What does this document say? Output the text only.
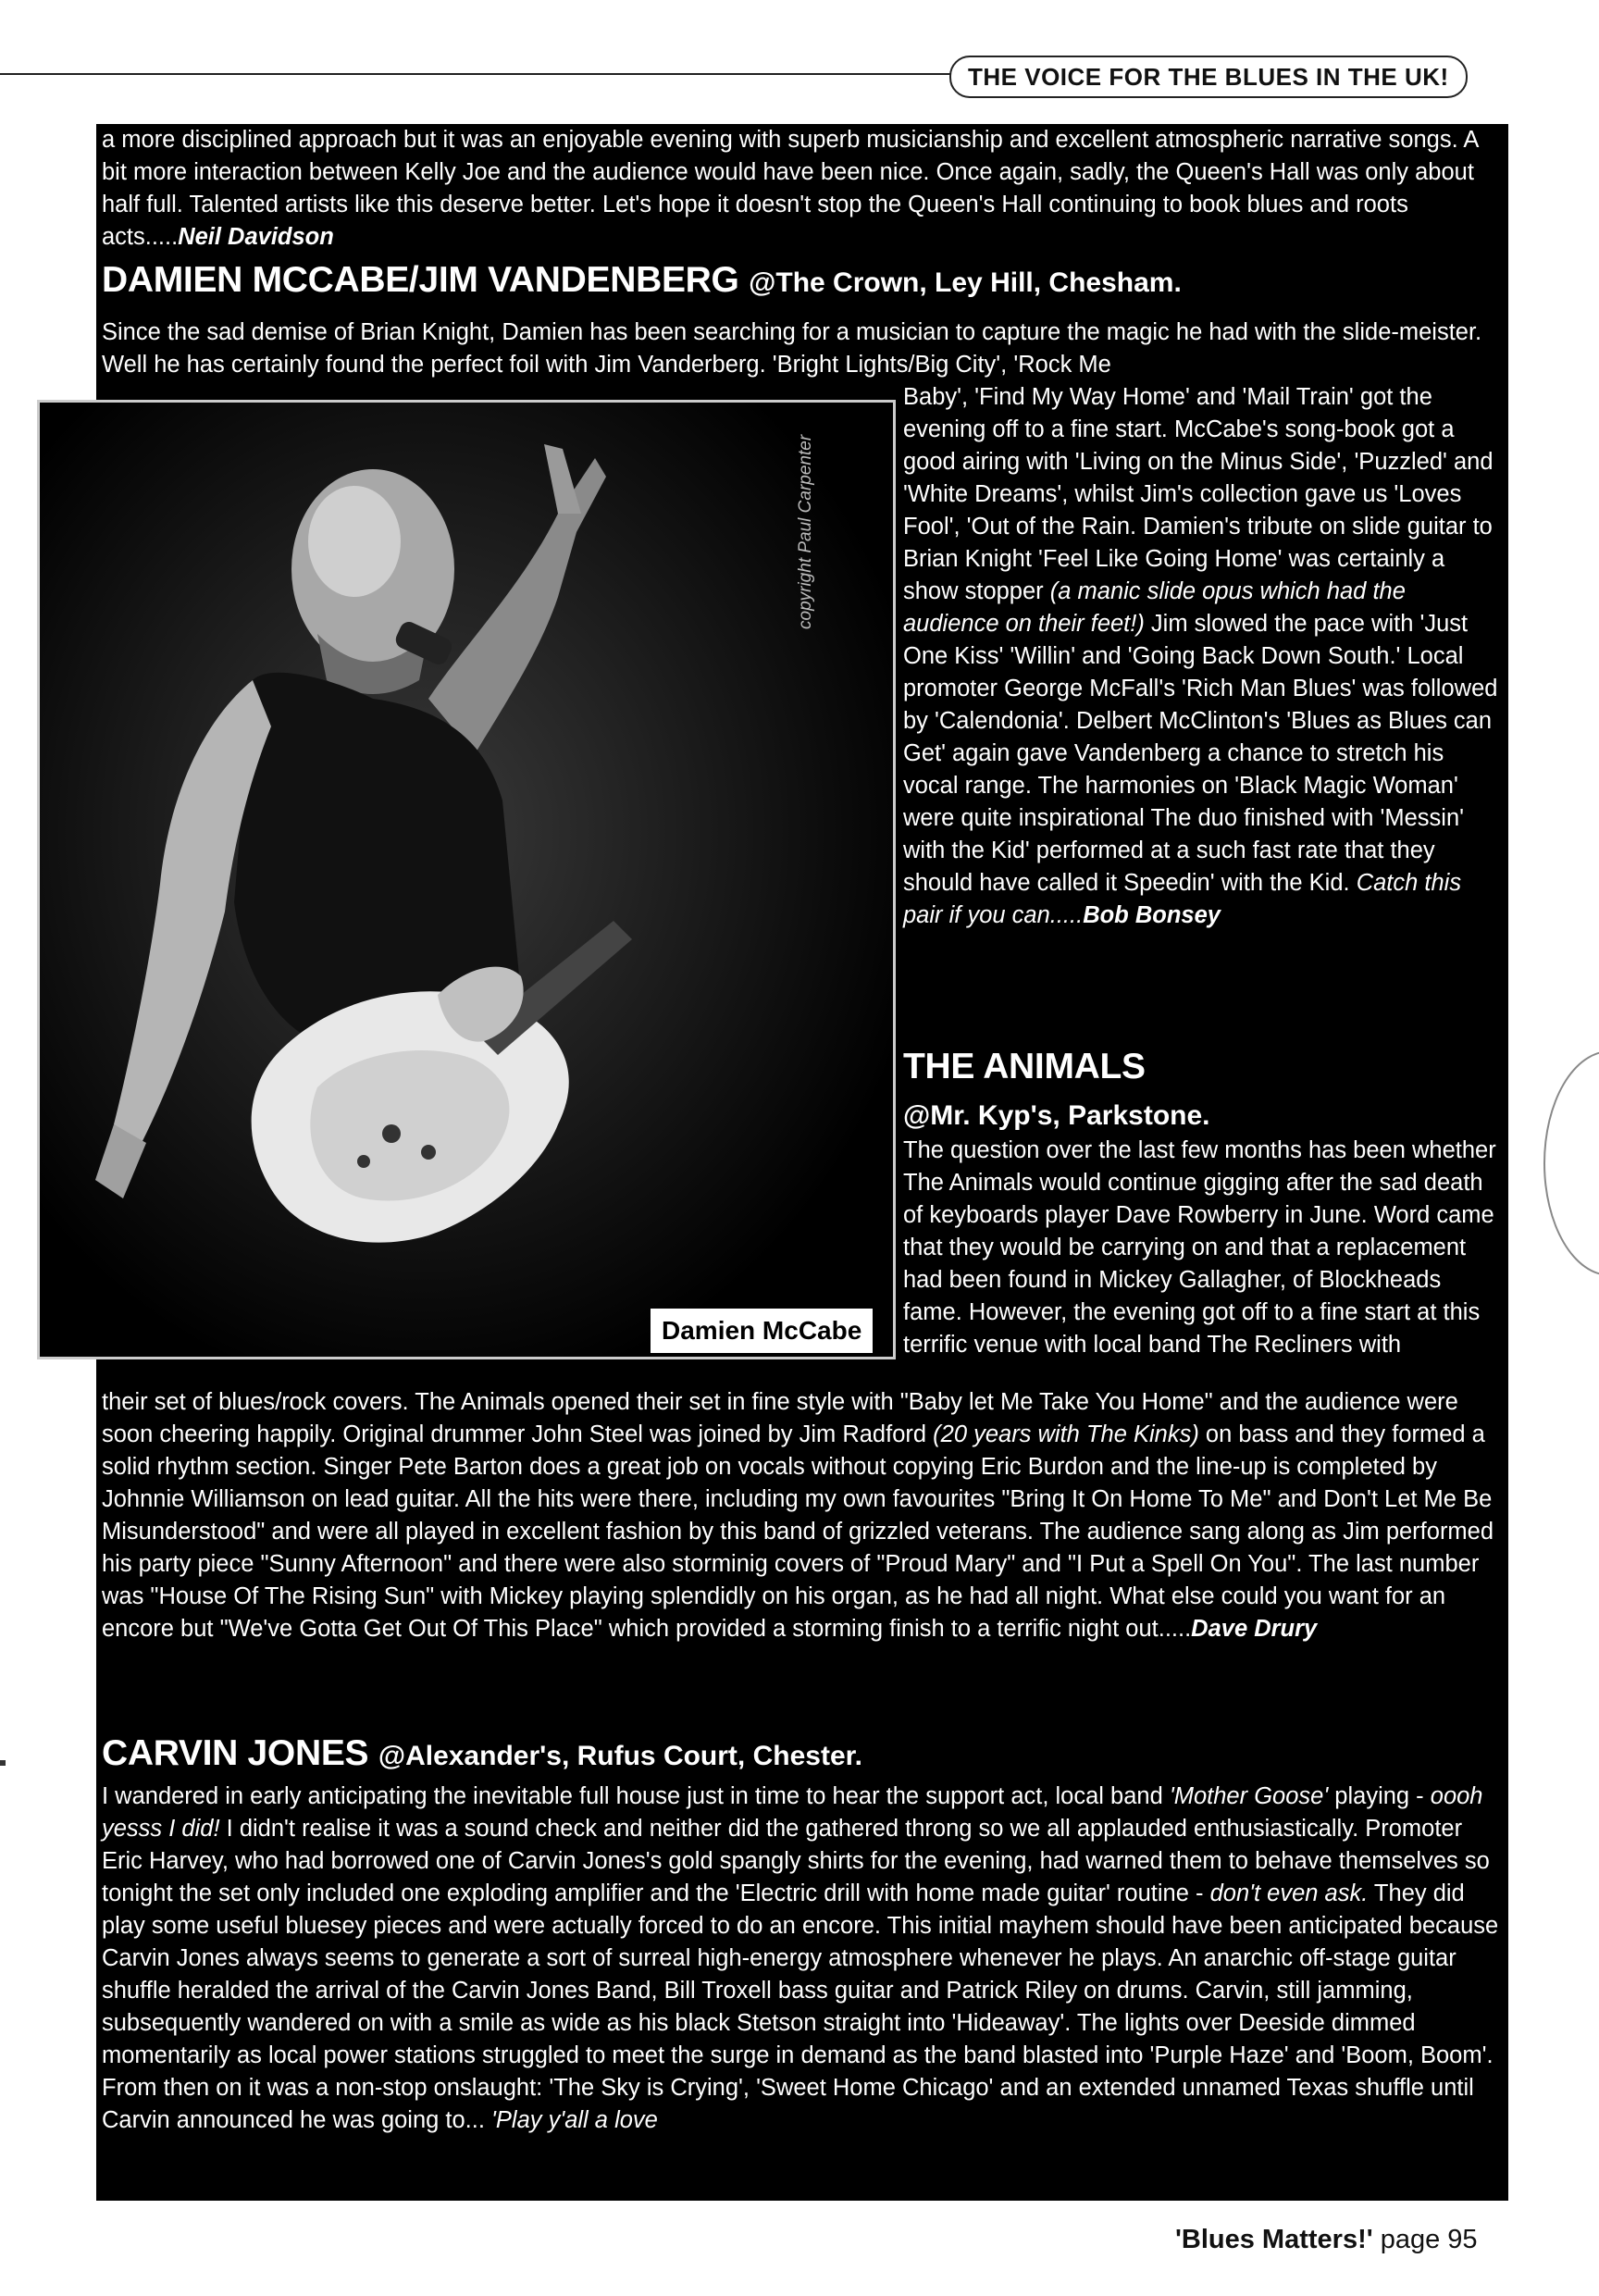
THE VOICE FOR THE BLUES IN THE UK!
a more disciplined approach but it was an enjoyable evening with superb musicianship and excellent atmospheric narrative songs. A bit more interaction between Kelly Joe and the audience would have been nice. Once again, sadly, the Queen's Hall was only about half full. Talented artists like this deserve better. Let's hope it doesn't stop the Queen's Hall continuing to book blues and roots acts.....Neil Davidson
DAMIEN MCCABE/JIM VANDENBERG @The Crown, Ley Hill, Chesham.
Since the sad demise of Brian Knight, Damien has been searching for a musician to capture the magic he had with the slide-meister. Well he has certainly found the perfect foil with Jim Vanderberg. 'Bright Lights/Big City', 'Rock Me
Baby', 'Find My Way Home' and 'Mail Train' got the evening off to a fine start. McCabe's song-book got a good airing with 'Living on the Minus Side', 'Puzzled' and 'White Dreams', whilst Jim's collection gave us 'Loves Fool', 'Out of the Rain. Damien's tribute on slide guitar to Brian Knight 'Feel Like Going Home' was certainly a show stopper (a manic slide opus which had the audience on their feet!) Jim slowed the pace with 'Just One Kiss' 'Willin' and 'Going Back Down South.' Local promoter George McFall's 'Rich Man Blues' was followed by 'Calendonia'. Delbert McClinton's 'Blues as Blues can Get' again gave Vandenberg a chance to stretch his vocal range. The harmonies on 'Black Magic Woman' were quite inspirational The duo finished with 'Messin' with the Kid' performed at a such fast rate that they should have called it Speedin' with the Kid. Catch this pair if you can.....Bob Bonsey
THE ANIMALS
@Mr. Kyp's, Parkstone.
The question over the last few months has been whether The Animals would continue gigging after the sad death of keyboards player Dave Rowberry in June. Word came that they would be carrying on and that a replacement had been found in Mickey Gallagher, of Blockheads fame. However, the evening got off to a fine start at this terrific venue with local band The Recliners with
their set of blues/rock covers. The Animals opened their set in fine style with "Baby let Me Take You Home" and the audience were soon cheering happily. Original drummer John Steel was joined by Jim Radford (20 years with The Kinks) on bass and they formed a solid rhythm section. Singer Pete Barton does a great job on vocals without copying Eric Burdon and the line-up is completed by Johnnie Williamson on lead guitar. All the hits were there, including my own favourites "Bring It On Home To Me" and Don't Let Me Be Misunderstood" and were all played in excellent fashion by this band of grizzled veterans. The audience sang along as Jim performed his party piece "Sunny Afternoon" and there were also storminig covers of "Proud Mary" and "I Put a Spell On You". The last number was "House Of The Rising Sun" with Mickey playing splendidly on his organ, as he had all night. What else could you want for an encore but "We've Gotta Get Out Of This Place" which provided a storming finish to a terrific night out.....Dave Drury
CARVIN JONES @Alexander's, Rufus Court, Chester.
I wandered in early anticipating the inevitable full house just in time to hear the support act, local band 'Mother Goose' playing - oooh yesss I did! I didn't realise it was a sound check and neither did the gathered throng so we all applauded enthusiastically. Promoter Eric Harvey, who had borrowed one of Carvin Jones's gold spangly shirts for the evening, had warned them to behave themselves so tonight the set only included one exploding amplifier and the 'Electric drill with home made guitar' routine - don't even ask. They did play some useful bluesey pieces and were actually forced to do an encore. This initial mayhem should have been anticipated because Carvin Jones always seems to generate a sort of surreal high-energy atmosphere whenever he plays. An anarchic off-stage guitar shuffle heralded the arrival of the Carvin Jones Band, Bill Troxell bass guitar and Patrick Riley on drums. Carvin, still jamming, subsequently wandered on with a smile as wide as his black Stetson straight into 'Hideaway'. The lights over Deeside dimmed momentarily as local power stations struggled to meet the surge in demand as the band blasted into 'Purple Haze' and 'Boom, Boom'. From then on it was a non-stop onslaught: 'The Sky is Crying', 'Sweet Home Chicago' and an extended unnamed Texas shuffle until Carvin announced he was going to... 'Play y'all a love
copyright Paul Carpenter
Damien McCabe
'Blues Matters!' page 95
